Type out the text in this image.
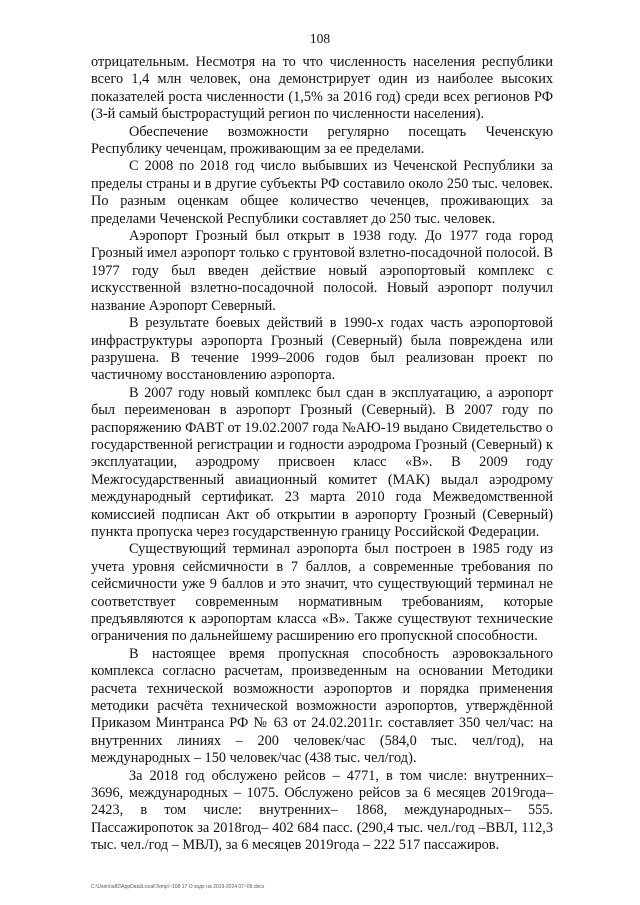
108

отрицательным. Несмотря на то что численность населения республики всего 1,4 млн человек, она демонстрирует один из наиболее высоких показателей роста численности (1,5% за 2016 год) среди всех регионов РФ (3-й самый быстрорастущий регион по численности населения).

Обеспечение возможности регулярно посещать Чеченскую Республику чеченцам, проживающим за ее пределами.

С 2008 по 2018 год число выбывших из Чеченской Республики за пределы страны и в другие субъекты РФ составило около 250 тыс. человек. По разным оценкам общее количество чеченцев, проживающих за пределами Чеченской Республики составляет до 250 тыс. человек.

Аэропорт Грозный был открыт в 1938 году. До 1977 года город Грозный имел аэропорт только с грунтовой взлетно-посадочной полосой. В 1977 году был введен действие новый аэропортовый комплекс с искусственной взлетно-посадочной полосой. Новый аэропорт получил название Аэропорт Северный.

В результате боевых действий в 1990-х годах часть аэропортовой инфраструктуры аэропорта Грозный (Северный) была повреждена или разрушена. В течение 1999–2006 годов был реализован проект по частичному восстановлению аэропорта.

В 2007 году новый комплекс был сдан в эксплуатацию, а аэропорт был переименован в аэропорт Грозный (Северный). В 2007 году по распоряжению ФАВТ от 19.02.2007 года №АЮ-19 выдано Свидетельство о государственной регистрации и годности аэродрома Грозный (Северный) к эксплуатации, аэродрому присвоен класс «В». В 2009 году Межгосударственный авиационный комитет (МАК) выдал аэродрому международный сертификат. 23 марта 2010 года Межведомственной комиссией подписан Акт об открытии в аэропорту Грозный (Северный) пункта пропуска через государственную границу Российской Федерации.

Существующий терминал аэропорта был построен в 1985 году из учета уровня сейсмичности в 7 баллов, а современные требования по сейсмичности уже 9 баллов и это значит, что существующий терминал не соответствует современным нормативным требованиям, которые предъявляются к аэропортам класса «В». Также существуют технические ограничения по дальнейшему расширению его пропускной способности.

В настоящее время пропускная способность аэровокзального комплекса согласно расчетам, произведенным на основании Методики расчета технической возможности аэропортов и порядка применения методики расчёта технической возможности аэропортов, утверждённой Приказом Минтранса РФ № 63 от 24.02.2011г. составляет 350 чел/час: на внутренних линиях – 200 человек/час (584,0 тыс. чел/год), на международных – 150 человек/час (438 тыс. чел/год).

За 2018 год обслужено рейсов – 4771, в том числе: внутренних– 3696, международных – 1075. Обслужено рейсов за 6 месяцев 2019года– 2423, в том числе: внутренних– 1868, международных– 555. Пассажиропоток за 2018год– 402 684 пасс. (290,4 тыс. чел./год –ВВЛ, 112,3 тыс. чел./год – МВЛ), за 6 месяцев 2019года – 222 517 пассажиров.

C:\Users\alf2\AppData\Local\Temp\~108 17 O ходе на 2019-2024 07~09.docx
